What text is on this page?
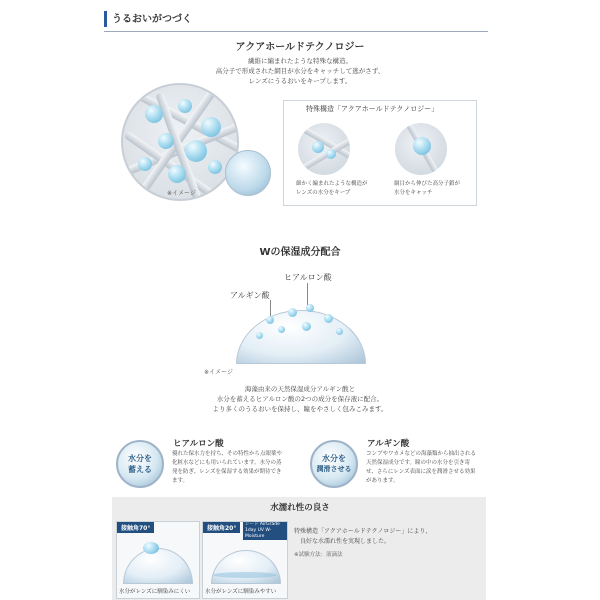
うるおいがつづく
アクアホールドテクノロジー
繊維に編まれたような特殊な構造。
高分子で形成された網目が水分をキャッチして逃がさず、
レンズにうるおいをキープします。
※イメージ
特殊構造「アクアホールドテクノロジー」
細かく編まれたような構造が
レンズの水分をキープ
網目から伸びた高分子鎖が
水分をキャッチ
Wの保湿成分配合
ヒアルロン酸
アルギン酸
※イメージ
海藻由来の天然保湿成分アルギン酸と
水分を蓄えるヒアルロン酸の2つの成分を保存液に配合。
より多くのうるおいを保持し、瞳をやさしく包みこみます。
水分を
蓄える
ヒアルロン酸
優れた保水力を持ち、その特性から点眼薬や
化粧水などにも用いられています。水分の蒸
発を防ぎ、レンズを保湿する効果が期待でき
ます。
水分を
潤滑させる
アルギン酸
コンブやワカメなどの海藻類から抽出される
天然保湿成分です。瞳の中の水分を引き寄
せ、さらにレンズ表面に涙を潤滑させる効果
があります。
水濡れ性の良さ
接触角70°
水分がレンズに馴染みにくい
接触角20°
シード AirGrade
1day UV W-Moisture
水分がレンズに馴染みやすい
特殊構造「アクアホールドテクノロジー」により、
良好な水濡れ性を実現しました。
※試験方法：液滴法
